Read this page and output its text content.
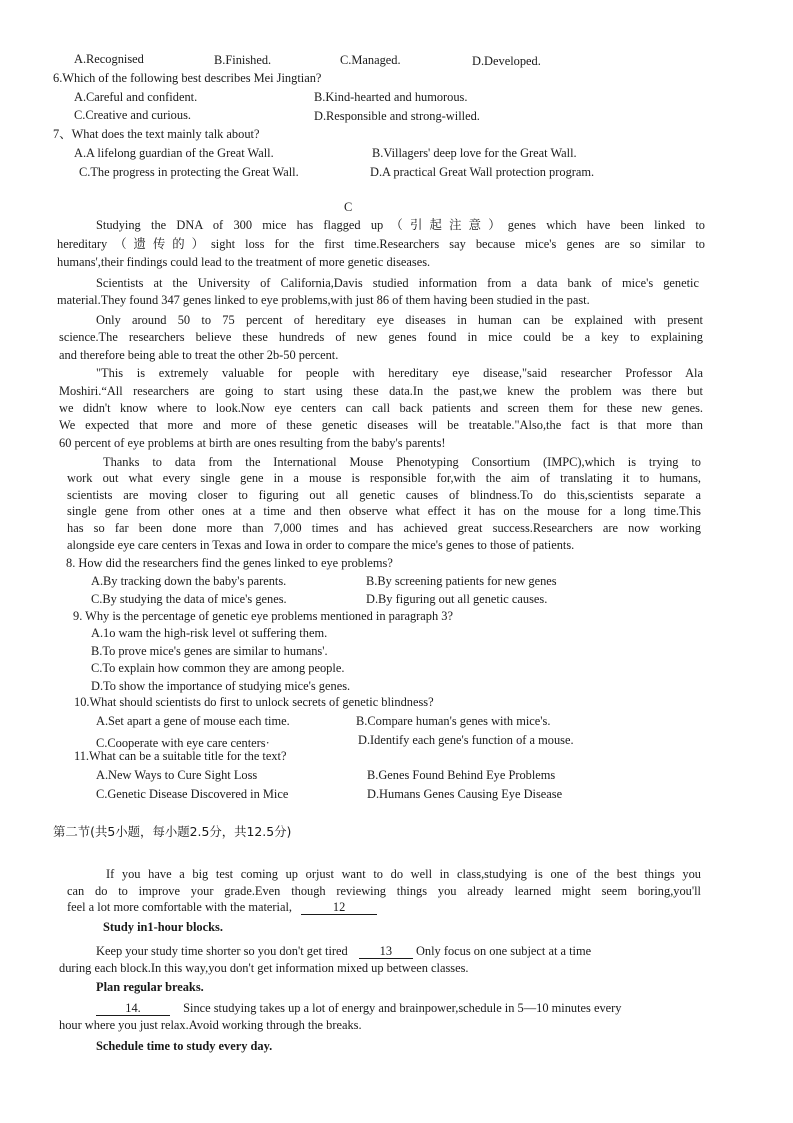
A.Recognised	B.Finished.	C.Managed.	D.Developed.
6.Which of the following best describes Mei Jingtian?
A.Careful and confident.	B.Kind-hearted and humorous.
C.Creative and curious.	D.Responsible and strong-willed.
7、What does the text mainly talk about?
A.A lifelong guardian of the Great Wall.	B.Villagers' deep love for the Great Wall.
C.The progress in protecting the Great Wall.	D.A practical Great Wall protection program.
C
Studying the DNA of 300 mice has flagged up（引起注意）genes which have been linked to
hereditary（遗传的）sight loss for the first time.Researchers say because mice's genes are so similar to
humans',their findings could lead to the treatment of more genetic diseases.
Scientists at the University of California,Davis studied information from a data bank of mice's genetic
material.They found 347 genes linked to eye problems,with just 86 of them having been studied in the past.
Only around 50 to 75 percent of hereditary eye diseases in human can be explained with present
science.The researchers believe these hundreds of new genes found in mice could be a key to explaining
and therefore being able to treat the other 2b-50 percent.
"This is extremely valuable for people with hereditary eye disease,"said researcher Professor Ala
Moshiri.“All researchers are going to start using these data.In the past,we knew the problem was there but
we didn't know where to look.Now eye centers can call back patients and screen them for these new genes.
We expected that more and more of these genetic diseases will be treatable."Also,the fact is that more than
60 percent of eye problems at birth are ones resulting from the baby's parents!
Thanks to data from the International Mouse Phenotyping Consortium (IMPC),which is trying to
work out what every single gene in a mouse is responsible for,with the aim of translating it to humans,
scientists are moving closer to figuring out all genetic causes of blindness.To do this,scientists separate a
single gene from other ones at a time and then observe what effect it has on the mouse for a long time.This
has so far been done more than 7,000 times and has achieved great success.Researchers are now working
alongside eye care centers in Texas and Iowa in order to compare the mice's genes to those of patients.
8. How did the researchers find the genes linked to eye problems?
A.By tracking down the baby's parents.	B.By screening patients for new genes
C.By studying the data of mice's genes.	D.By figuring out all genetic causes.
9. Why is the percentage of genetic eye problems mentioned in paragraph 3?
A.1o wam the high-risk level ot suffering them.
B.To prove mice's genes are similar to humans'.
C.To explain how common they are among people.
D.To show the importance of studying mice's genes.
10.What should scientists do first to unlock secrets of genetic blindness?
A.Set apart a gene of mouse each time.	B.Compare human's genes with mice's.
C.Cooperate with eye care centers·	D.Identify each gene's function of a mouse.
11.What can be a suitable title for the text?
A.New Ways to Cure Sight Loss	B.Genes Found Behind Eye Problems
C.Genetic Disease Discovered in Mice	D.Humans Genes Causing Eye Disease
第二节(共5小题，每小题2.5分，共12.5分)
If you have a big test coming up orjust want to do well in class,studying is one of the best things you
can do to improve your grade.Even though reviewing things you already learned might seem boring,you'll
feel a lot more comfortable with the material,	12
Study in1-hour blocks.
Keep your study time shorter so you don't get tired	13 Only focus on one subject at a time
during each block.In this way,you don't get information mixed up between classes.
Plan regular breaks.
14.	Since studying takes up a lot of energy and brainpower,schedule in 5—10 minutes every
hour where you just relax.Avoid working through the breaks.
Schedule time to study every day.
